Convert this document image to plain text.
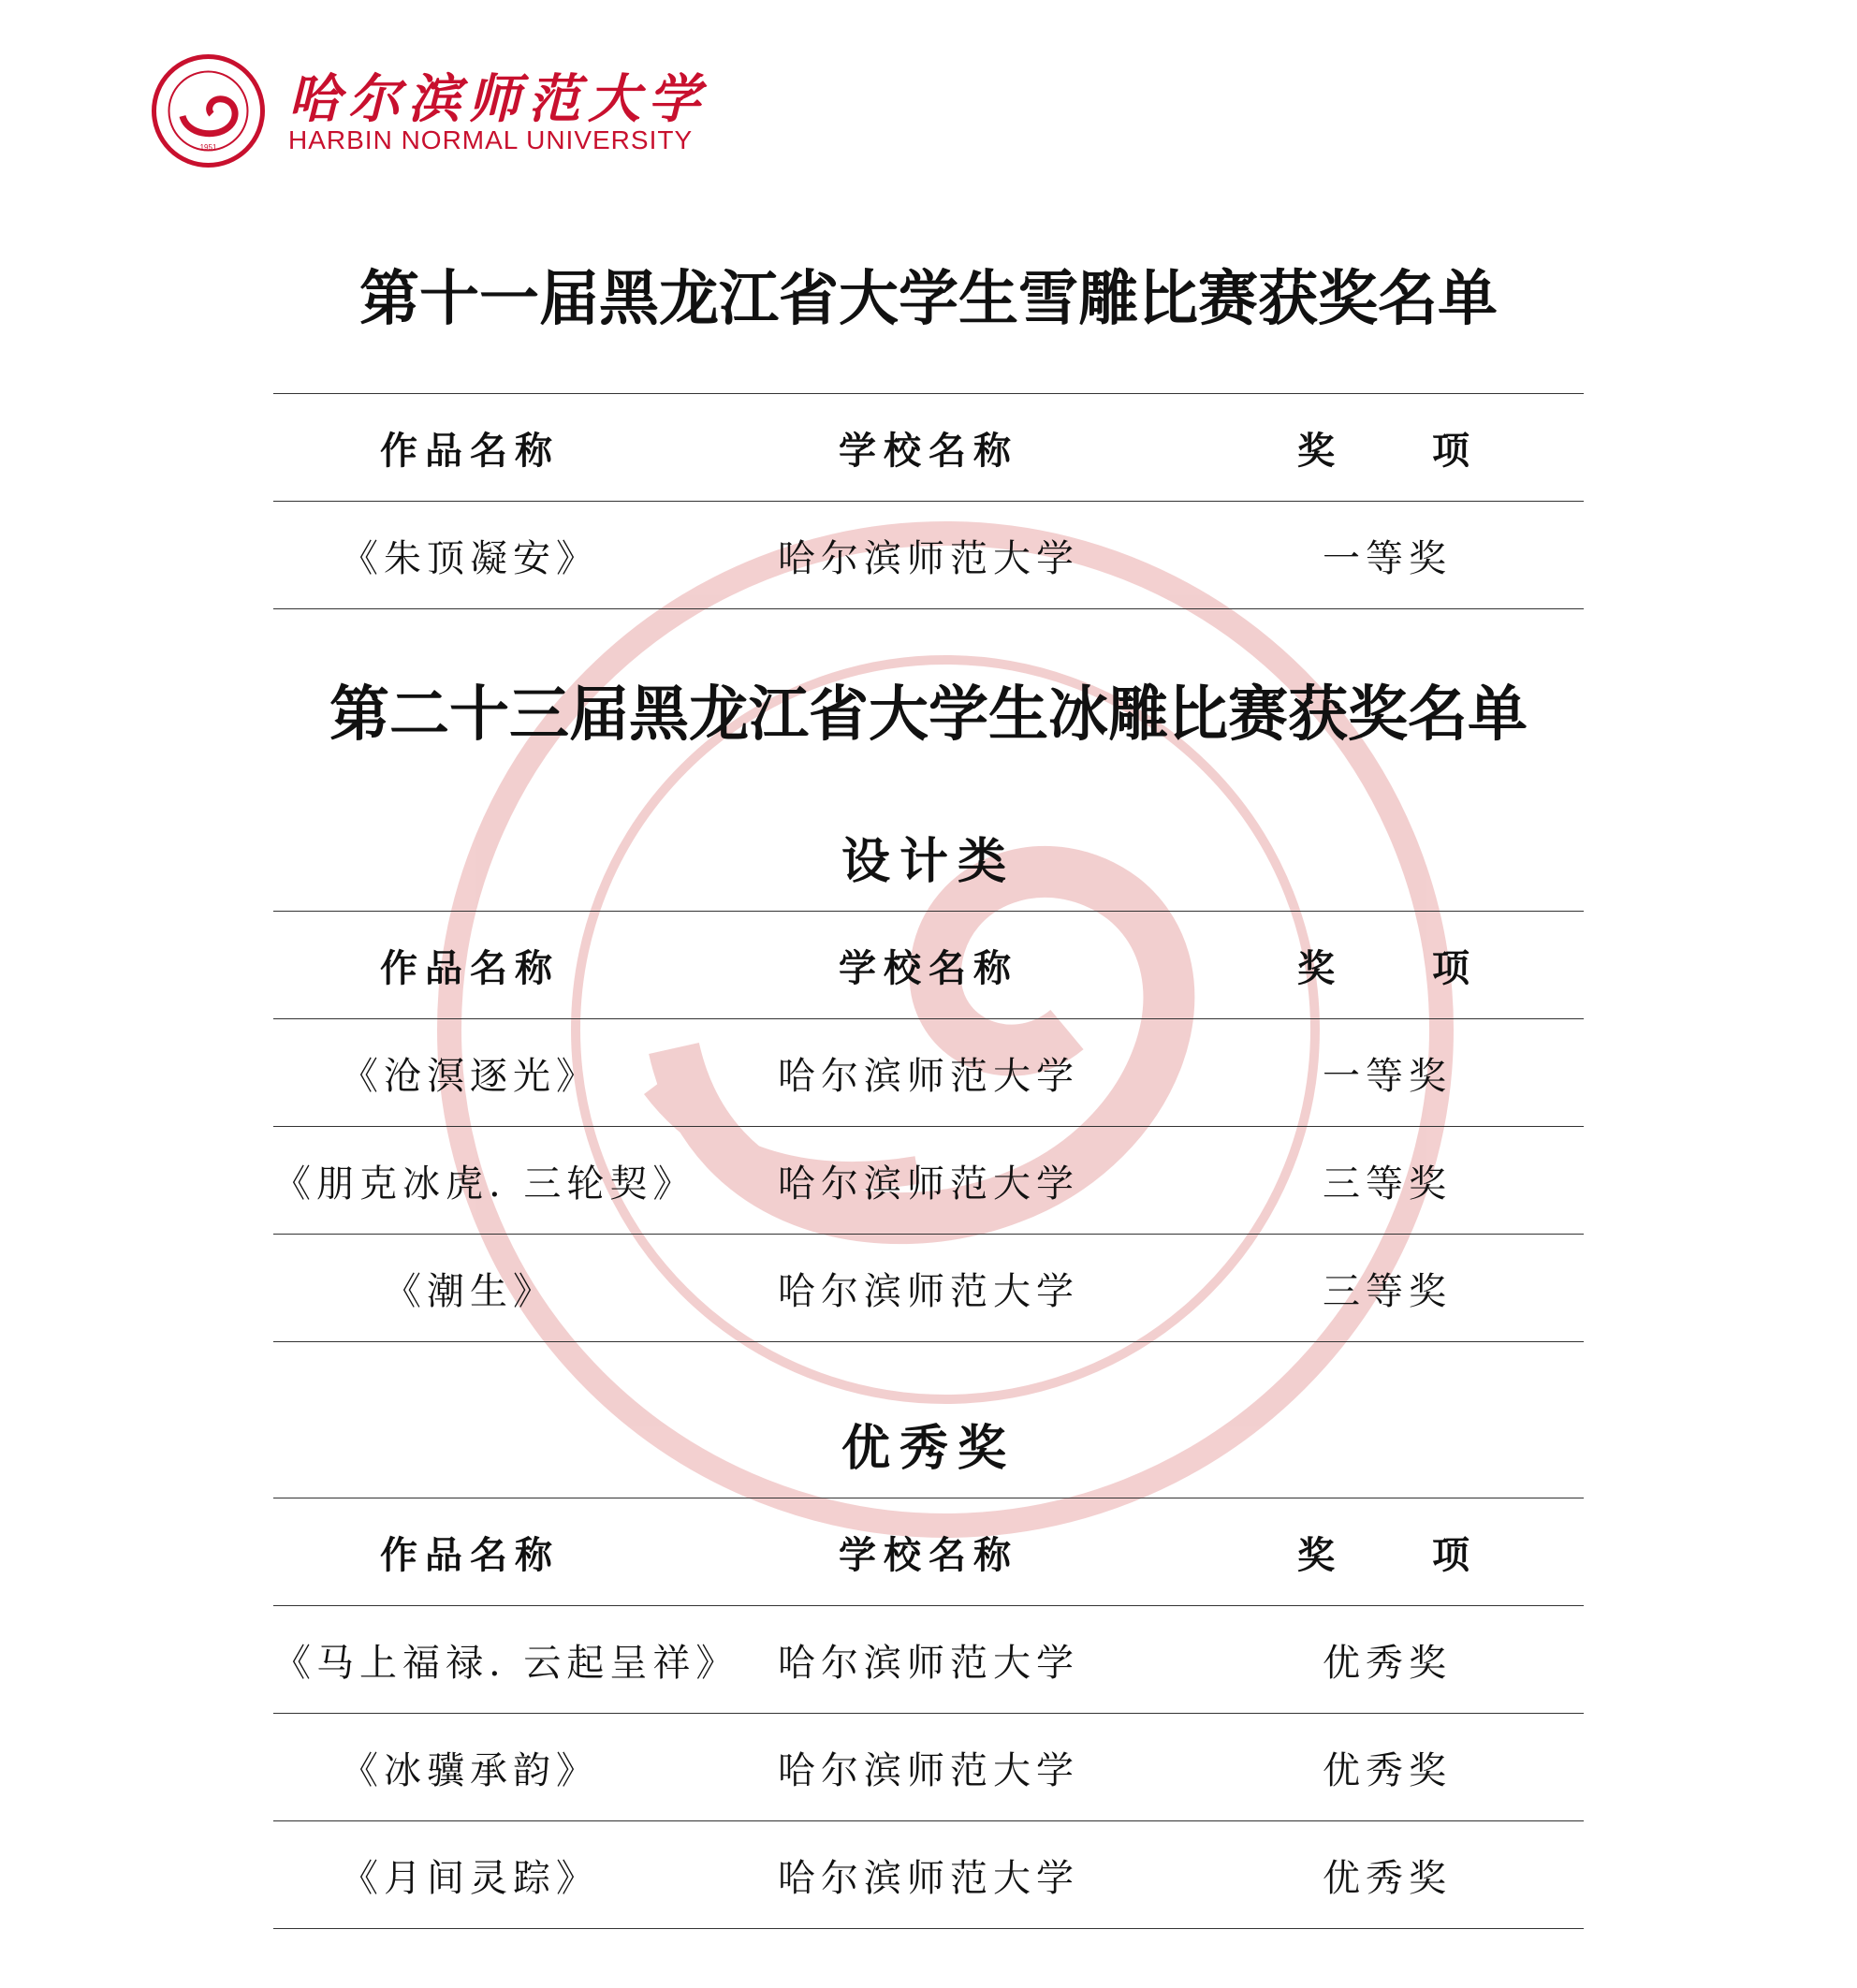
1951
哈尔滨师范大学
HARBIN NORMAL UNIVERSITY
第十一届黑龙江省大学生雪雕比赛获奖名单
作品名称	学校名称	奖　　项
《朱顶凝安》	哈尔滨师范大学	一等奖
第二十三届黑龙江省大学生冰雕比赛获奖名单
设计类
作品名称	学校名称	奖　　项
《沧溟逐光》	哈尔滨师范大学	一等奖
《朋克冰虎. 三轮契》	哈尔滨师范大学	三等奖
《潮生》	哈尔滨师范大学	三等奖
优秀奖
作品名称	学校名称	奖　　项
《马上福禄. 云起呈祥》	哈尔滨师范大学	优秀奖
《冰骥承韵》	哈尔滨师范大学	优秀奖
《月间灵踪》	哈尔滨师范大学	优秀奖
